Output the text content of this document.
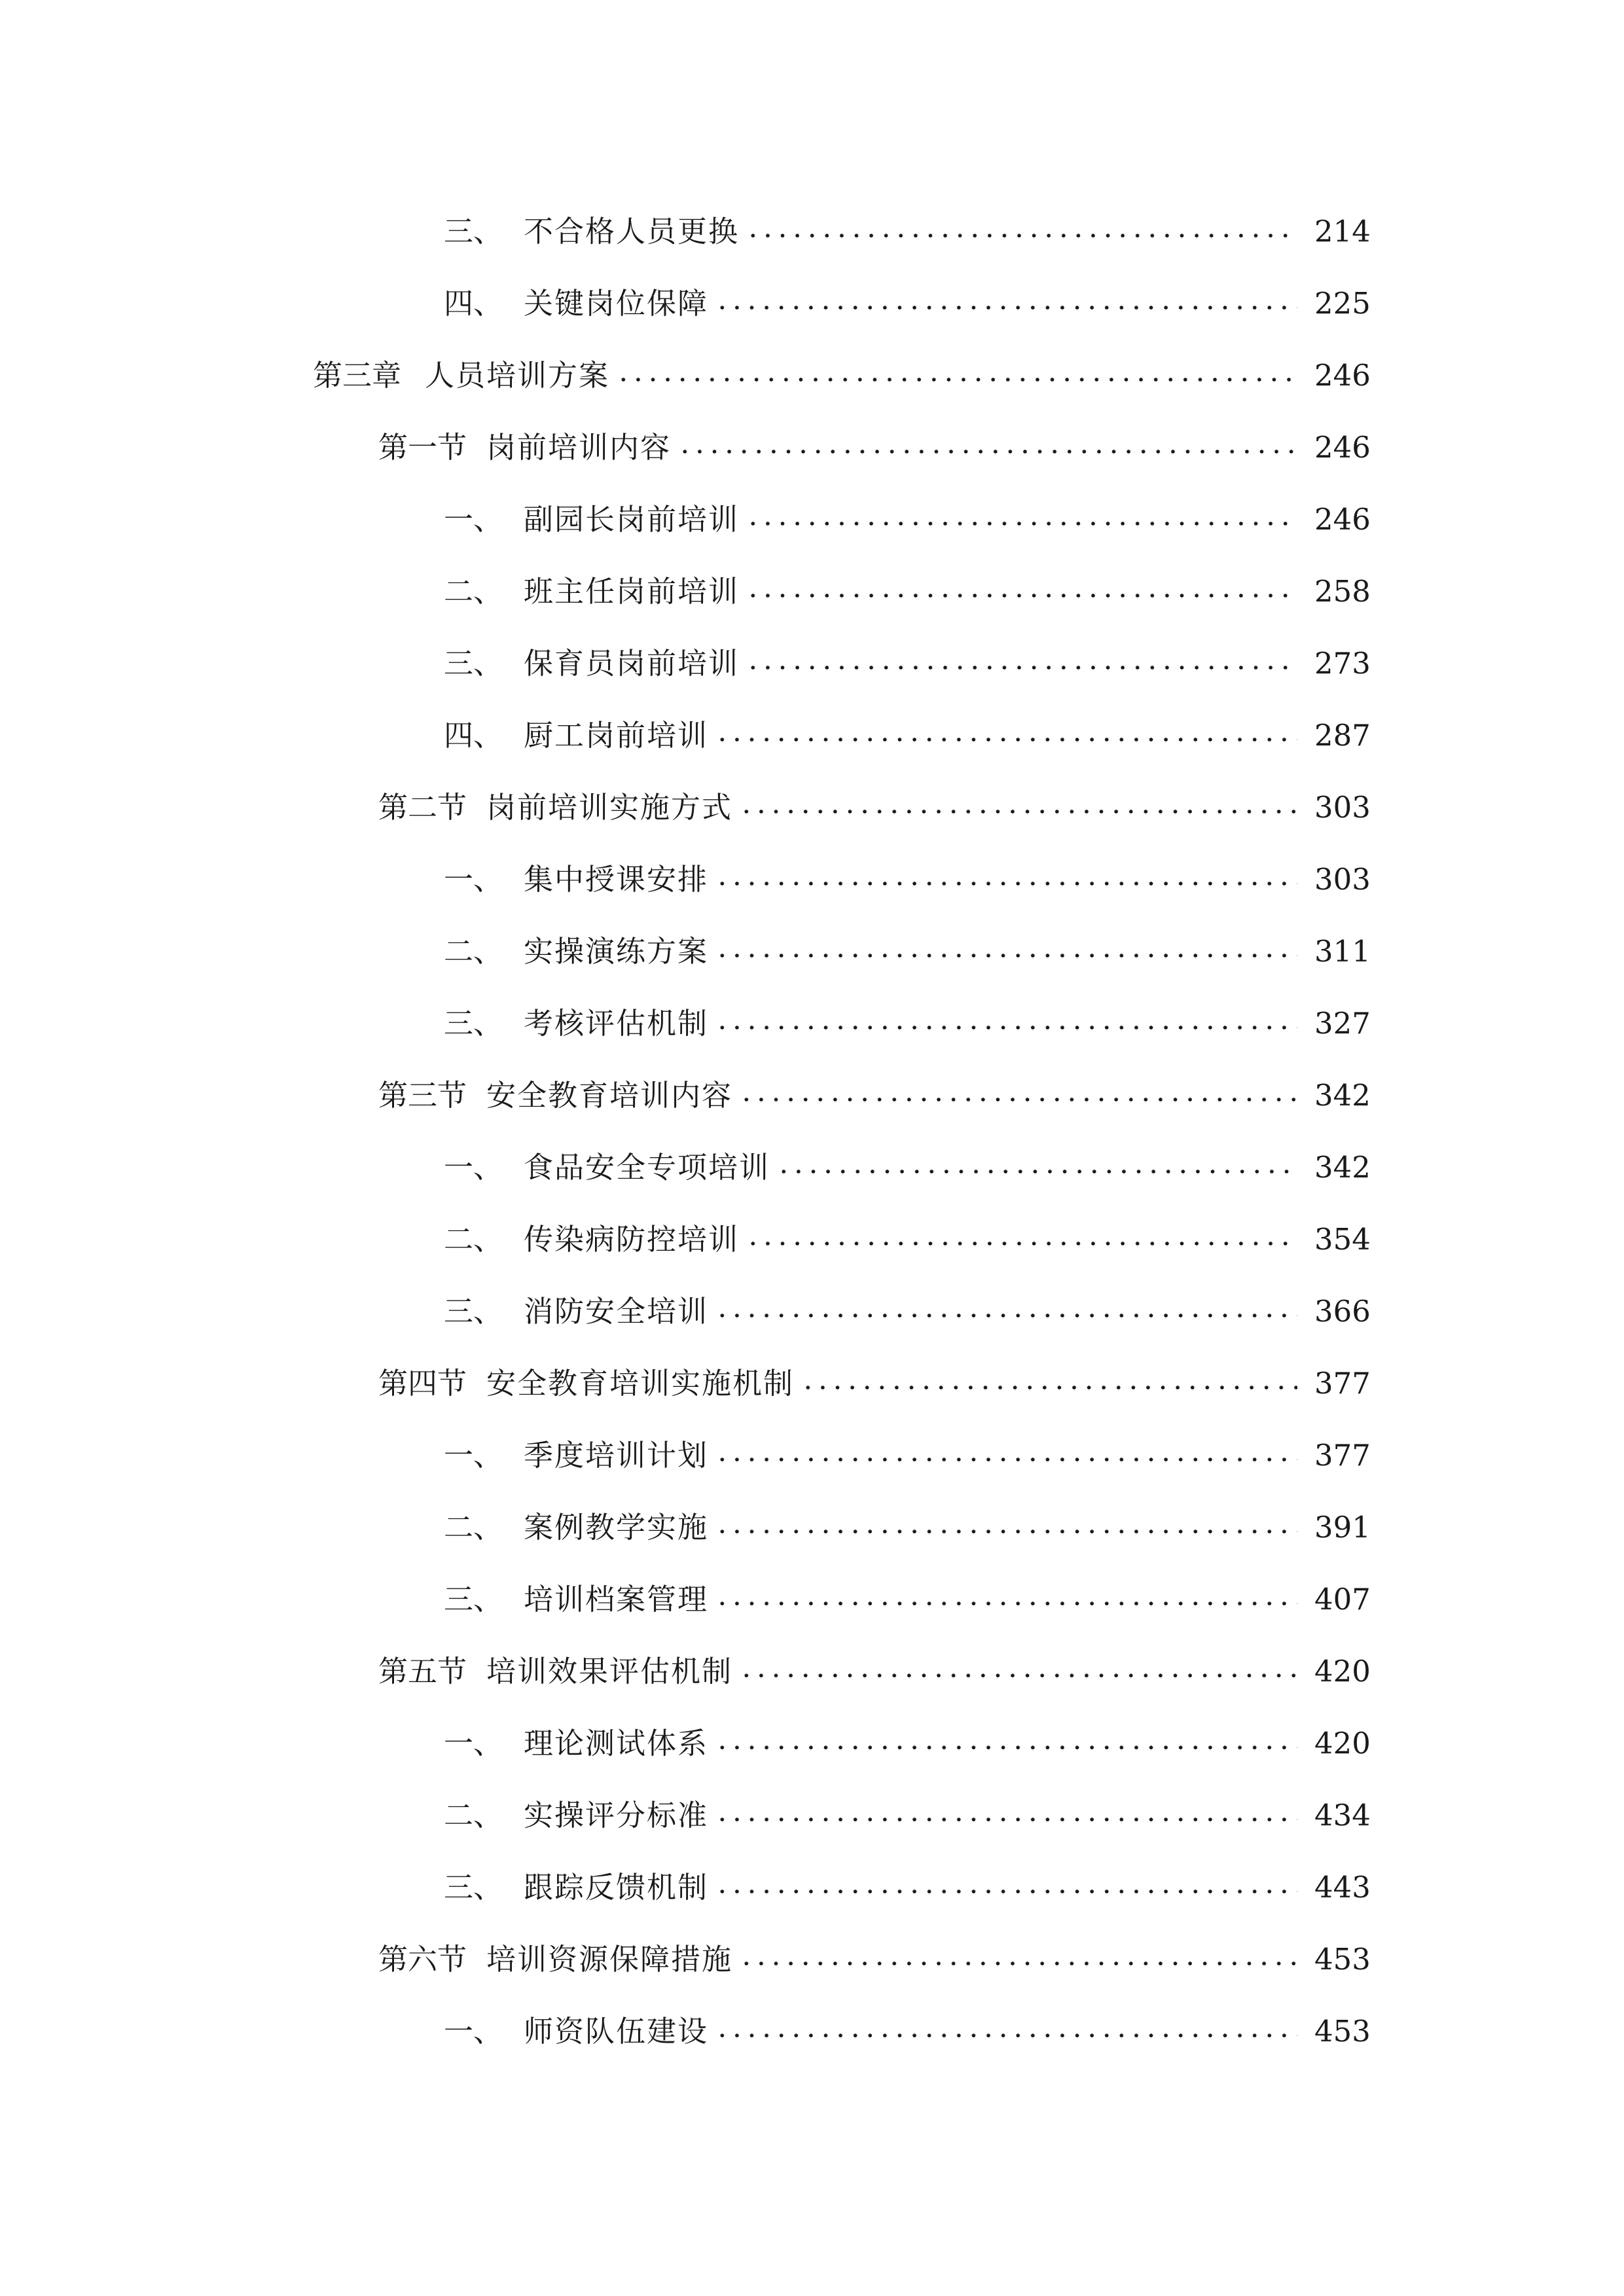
三、 不合格人员更换	214
四、 关键岗位保障	225
第三章 人员培训方案	246
第一节 岗前培训内容	246
一、 副园长岗前培训	246
二、 班主任岗前培训	258
三、 保育员岗前培训	273
四、 厨工岗前培训	287
第二节 岗前培训实施方式	303
一、 集中授课安排	303
二、 实操演练方案	311
三、 考核评估机制	327
第三节 安全教育培训内容	342
一、 食品安全专项培训	342
二、 传染病防控培训	354
三、 消防安全培训	366
第四节 安全教育培训实施机制	377
一、 季度培训计划	377
二、 案例教学实施	391
三、 培训档案管理	407
第五节 培训效果评估机制	420
一、 理论测试体系	420
二、 实操评分标准	434
三、 跟踪反馈机制	443
第六节 培训资源保障措施	453
一、 师资队伍建设	453
